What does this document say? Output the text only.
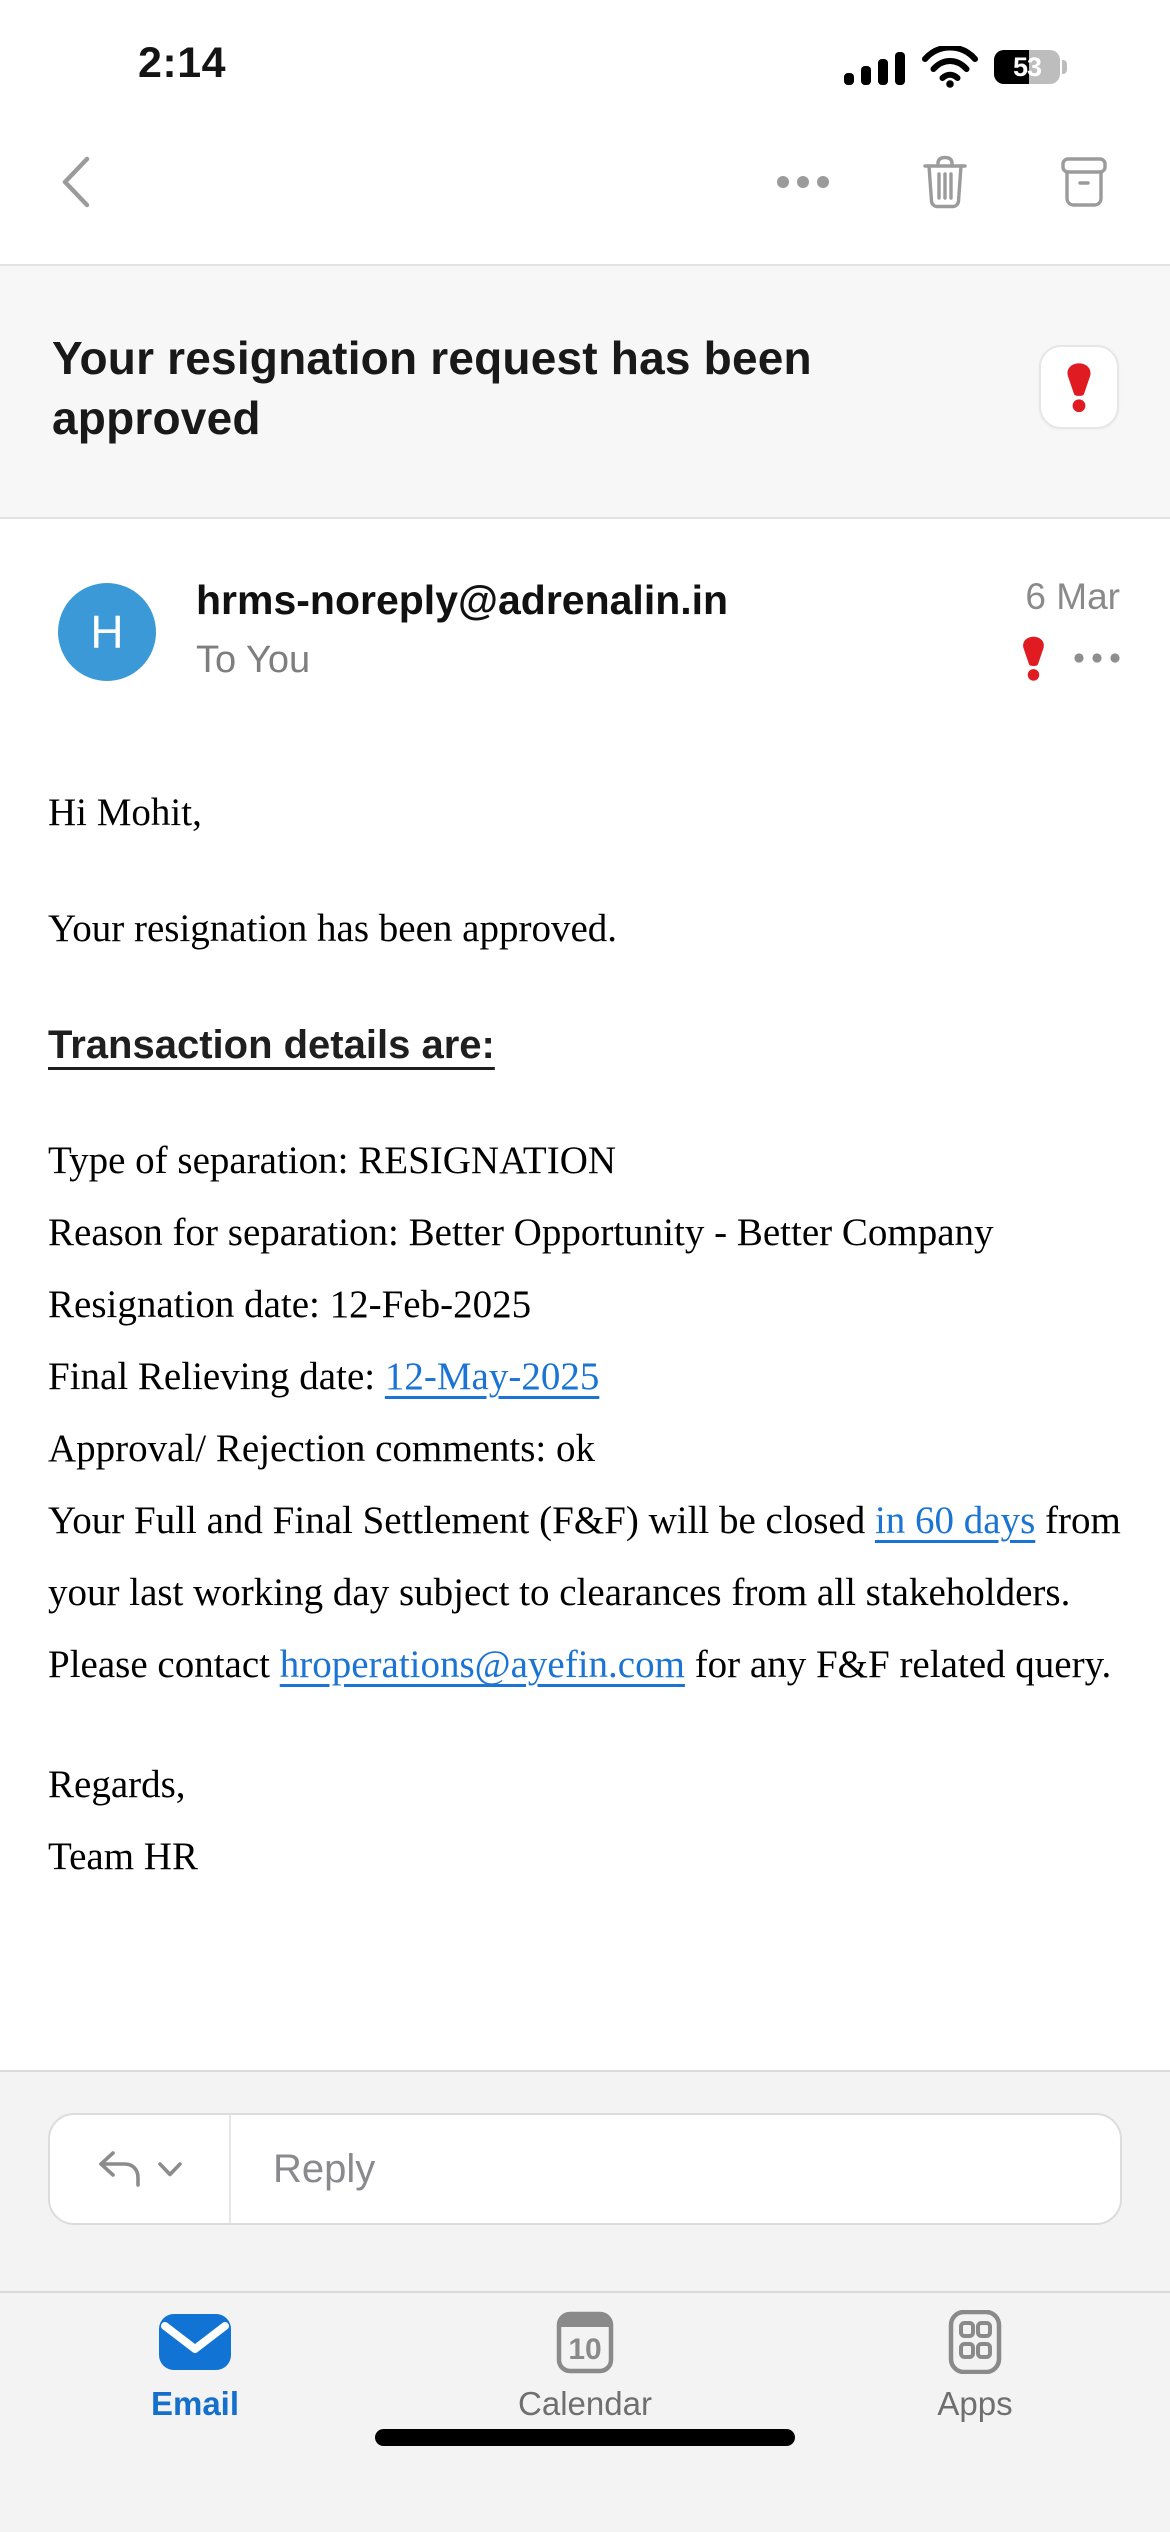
2:14	53
Your resignation request has been approved
H
hrms-noreply@adrenalin.in
To You
6 Mar

Hi Mohit,

Your resignation has been approved.

Transaction details are:

Type of separation: RESIGNATION
Reason for separation: Better Opportunity - Better Company
Resignation date: 12-Feb-2025
Final Relieving date: 12-May-2025
Approval/ Rejection comments: ok

Your Full and Final Settlement (F&F) will be closed in 60 days from your last working day subject to clearances from all stakeholders. Please contact hroperations@ayefin.com for any F&F related query.

Regards,
Team HR
Reply
Email
10
Calendar	Apps
